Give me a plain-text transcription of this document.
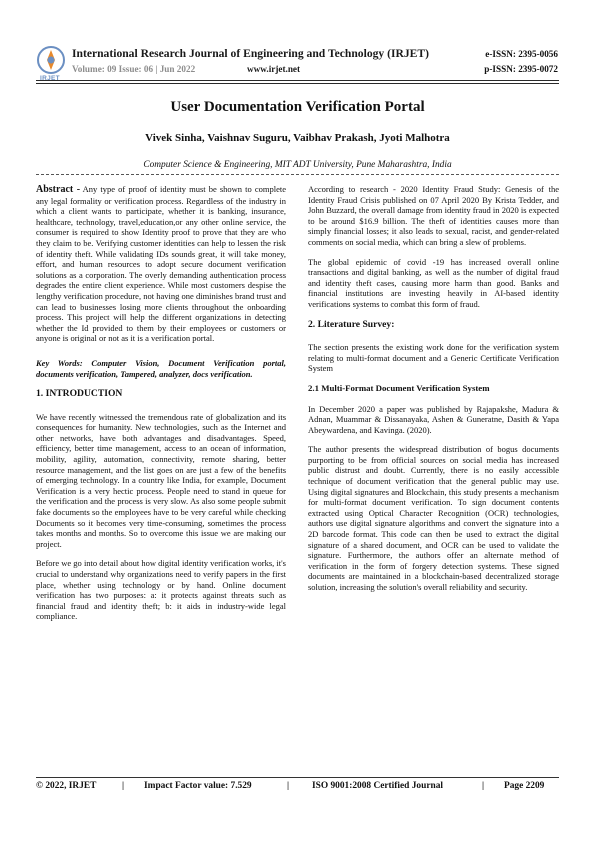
IRJET
International Research Journal of Engineering and Technology (IRJET)
Volume: 09 Issue: 06 | Jun 2022	www.irjet.net
e-ISSN: 2395-0056
p-ISSN: 2395-0072
User Documentation Verification Portal
Vivek Sinha, Vaishnav Suguru, Vaibhav Prakash, Jyoti Malhotra
Computer Science & Engineering, MIT ADT University, Pune Maharashtra, India

Abstract - Any type of proof of identity must be shown to complete any legal formality or verification process. Regardless of the industry in which a client wants to participate, whether it is banking, insurance, healthcare, technology, travel,education,or any other online service, the consumer is required to show Identity proof to prove that they are who they claim to be. Verifying customer identities can help to lessen the risk of identity theft. While validating IDs sounds great, it will take money, effort, and human resources to adopt secure document verification solutions as a corporation. The overly demanding authentication process degrades the entire client experience. While most customers despise the lengthy verification procedure, not having one diminishes brand trust and can lead to businesses losing more clients throughout the onboarding process. This project will help the different organizations in detecting whether the Id provided to them by their employees or customers or anyone is original or not as it is a verification portal.

Key Words: Computer Vision, Document Verification portal, documents verification, Tampered, analyzer, docs verification.

1. INTRODUCTION

We have recently witnessed the tremendous rate of globalization and its consequences for humanity. New technologies, such as the Internet and other networks, have both advantages and disadvantages. Speed, efficiency, better time management, access to an ocean of information, mobility, agility, automation, connectivity, remote sharing, better resource management, and the list goes on are just a few of the benefits of emerging technology. In a country like India, for example, Document Verification is a very hectic process. People need to stand in queue for the verification and the process is very slow. As also some people submit fake documents so the employees have to be very careful while checking Documents so it becomes very time-consuming, sometimes the process takes months and months. So to overcome this issue we are making our project.

Before we go into detail about how digital identity verification works, it's crucial to understand why organizations need to verify papers in the first place, whether using technology or by hand. Online document verification has two purposes: a: it protects against threats such as financial fraud and identity theft; b: it aids in industry-wide legal compliance.

According to research - 2020 Identity Fraud Study: Genesis of the Identity Fraud Crisis published on 07 April 2020 By Krista Tedder, and John Buzzard, the overall damage from identity fraud in 2020 is expected to be around $16.9 billion. The theft of identities causes more than simply financial losses; it also leads to sexual, racist, and gender-related comments on social media, which can bring a slew of problems.

The global epidemic of covid -19 has increased overall online transactions and digital banking, as well as the number of digital fraud and identity theft cases, causing more harm than good. Banks and financial institutions are investing heavily in AI-based identity verifications systems to combat this form of fraud.

2. Literature Survey:

The section presents the existing work done for the verification system relating to multi-format document and a Generic Certificate Verification System

2.1 Multi-Format Document Verification System

In December 2020 a paper was published by Rajapakshe, Madura & Adnan, Muammar & Dissanayaka, Ashen & Guneratne, Dasith & Yapa Abeywardena, and Kavinga. (2020).

The author presents the widespread distribution of bogus documents purporting to be from official sources on social media has increased public distrust and doubt. Currently, there is no easily accessible technique of document verification that the general public may use. Using digital signatures and Blockchain, this study presents a mechanism for multi-format document verification. To sign document contents extracted using Optical Character Recognition (OCR) technologies, authors use digital signature algorithms and convert the signature into a 2D barcode format. This code can then be used to extract the digital signature of a shared document, and OCR can be used to validate the signature. Furthermore, the authors offer an alternate method of verification in the form of forgery detection systems. These signed documents are maintained in a blockchain-based decentralized storage solution, increasing the solution's overall reliability and security.

© 2022, IRJET	| Impact Factor value: 7.529	| ISO 9001:2008 Certified Journal	| Page 2209
